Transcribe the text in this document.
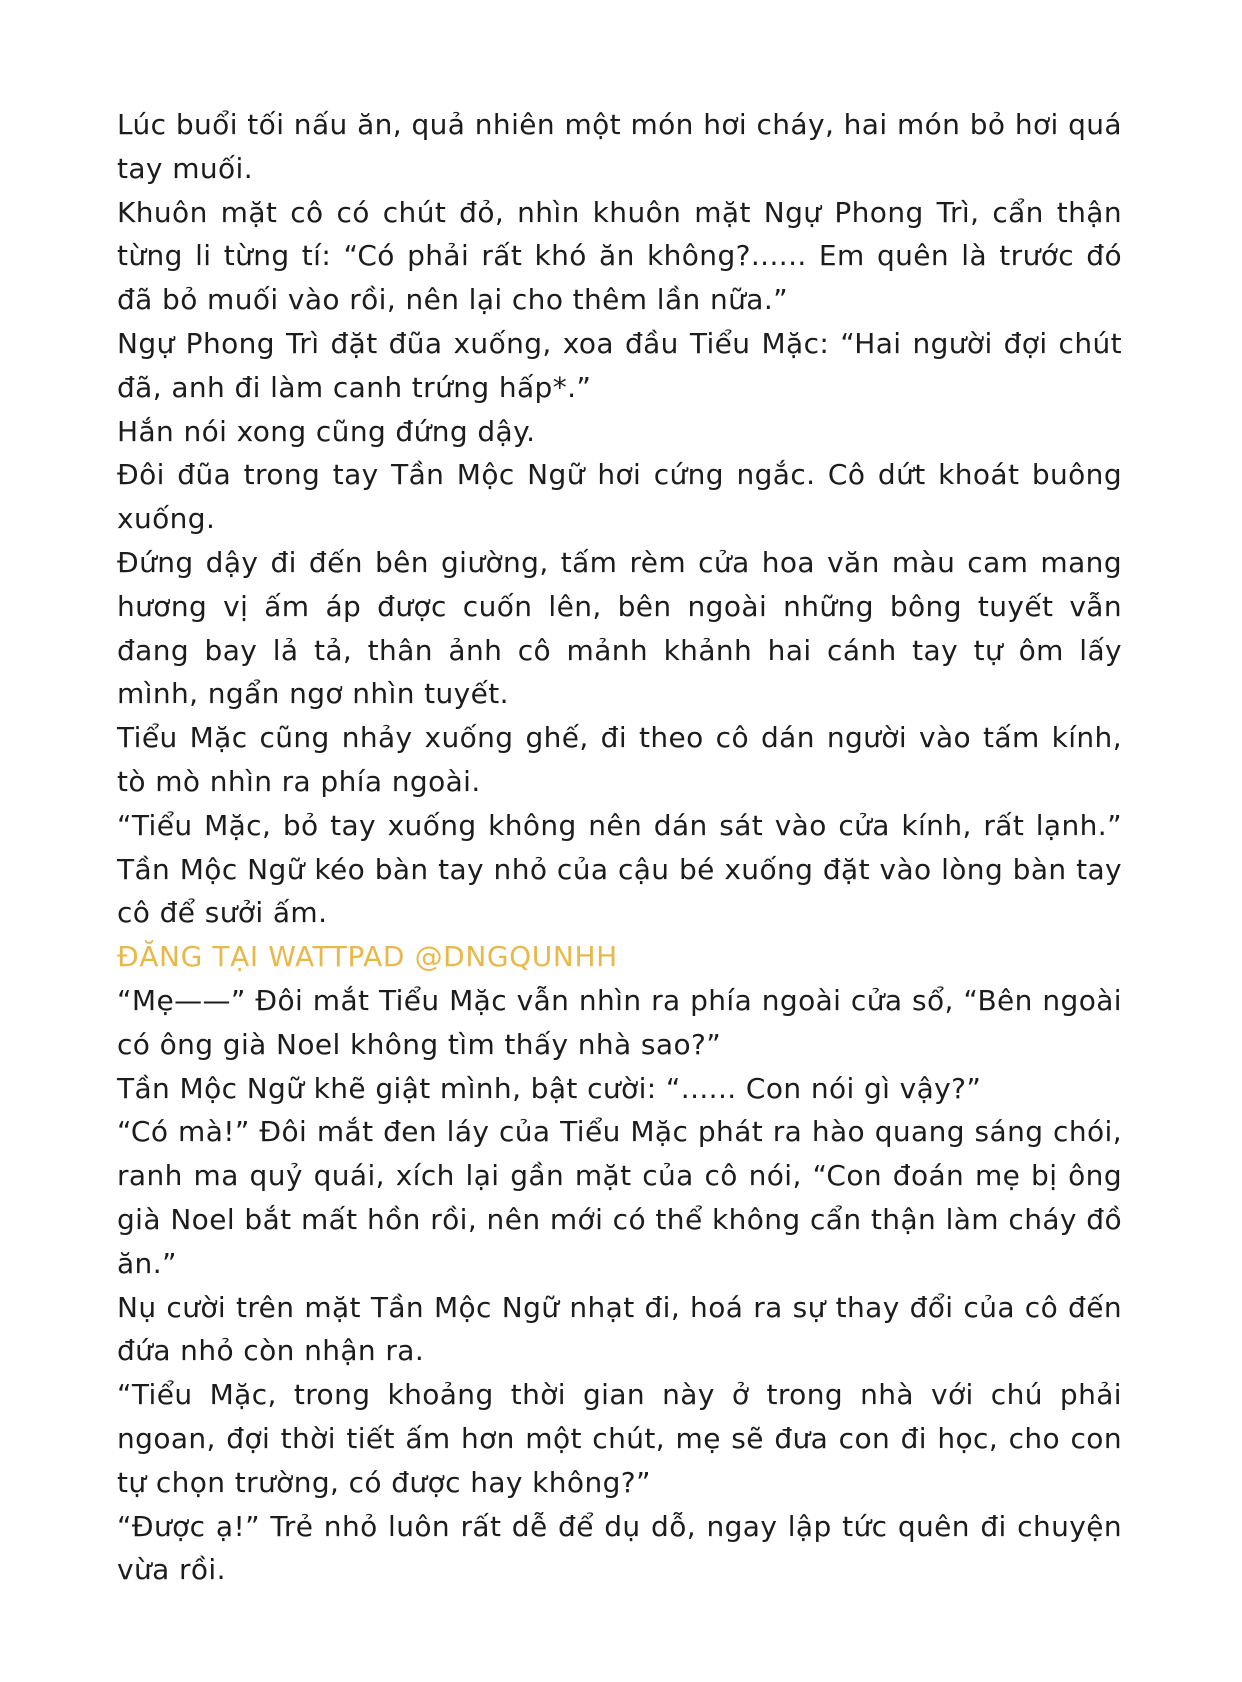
Lúc buổi tối nấu ăn, quả nhiên một món hơi cháy, hai món bỏ hơi quá tay muối.

Khuôn mặt cô có chút đỏ, nhìn khuôn mặt Ngự Phong Trì, cẩn thận từng li từng tí: “Có phải rất khó ăn không?...... Em quên là trước đó đã bỏ muối vào rồi, nên lại cho thêm lần nữa.”

Ngự Phong Trì đặt đũa xuống, xoa đầu Tiểu Mặc: “Hai người đợi chút đã, anh đi làm canh trứng hấp*.”

Hắn nói xong cũng đứng dậy.

Đôi đũa trong tay Tần Mộc Ngữ hơi cứng ngắc. Cô dứt khoát buông xuống.

Đứng dậy đi đến bên giường, tấm rèm cửa hoa văn màu cam mang hương vị ấm áp được cuốn lên, bên ngoài những bông tuyết vẫn đang bay lả tả, thân ảnh cô mảnh khảnh hai cánh tay tự ôm lấy mình, ngẩn ngơ nhìn tuyết.

Tiểu Mặc cũng nhảy xuống ghế, đi theo cô dán người vào tấm kính, tò mò nhìn ra phía ngoài.

“Tiểu Mặc, bỏ tay xuống không nên dán sát vào cửa kính, rất lạnh.” Tần Mộc Ngữ kéo bàn tay nhỏ của cậu bé xuống đặt vào lòng bàn tay cô để sưởi ấm.

ĐĂNG TẠI WATTPAD @DNGQUNHH

“Mẹ——” Đôi mắt Tiểu Mặc vẫn nhìn ra phía ngoài cửa sổ, “Bên ngoài có ông già Noel không tìm thấy nhà sao?”

Tần Mộc Ngữ khẽ giật mình, bật cười: “...... Con nói gì vậy?”

“Có mà!” Đôi mắt đen láy của Tiểu Mặc phát ra hào quang sáng chói, ranh ma quỷ quái, xích lại gần mặt của cô nói, “Con đoán mẹ bị ông già Noel bắt mất hồn rồi, nên mới có thể không cẩn thận làm cháy đồ ăn.”

Nụ cười trên mặt Tần Mộc Ngữ nhạt đi, hoá ra sự thay đổi của cô đến đứa nhỏ còn nhận ra.

“Tiểu Mặc, trong khoảng thời gian này ở trong nhà với chú phải ngoan, đợi thời tiết ấm hơn một chút, mẹ sẽ đưa con đi học, cho con tự chọn trường, có được hay không?”

“Được ạ!” Trẻ nhỏ luôn rất dễ để dụ dỗ, ngay lập tức quên đi chuyện vừa rồi.
